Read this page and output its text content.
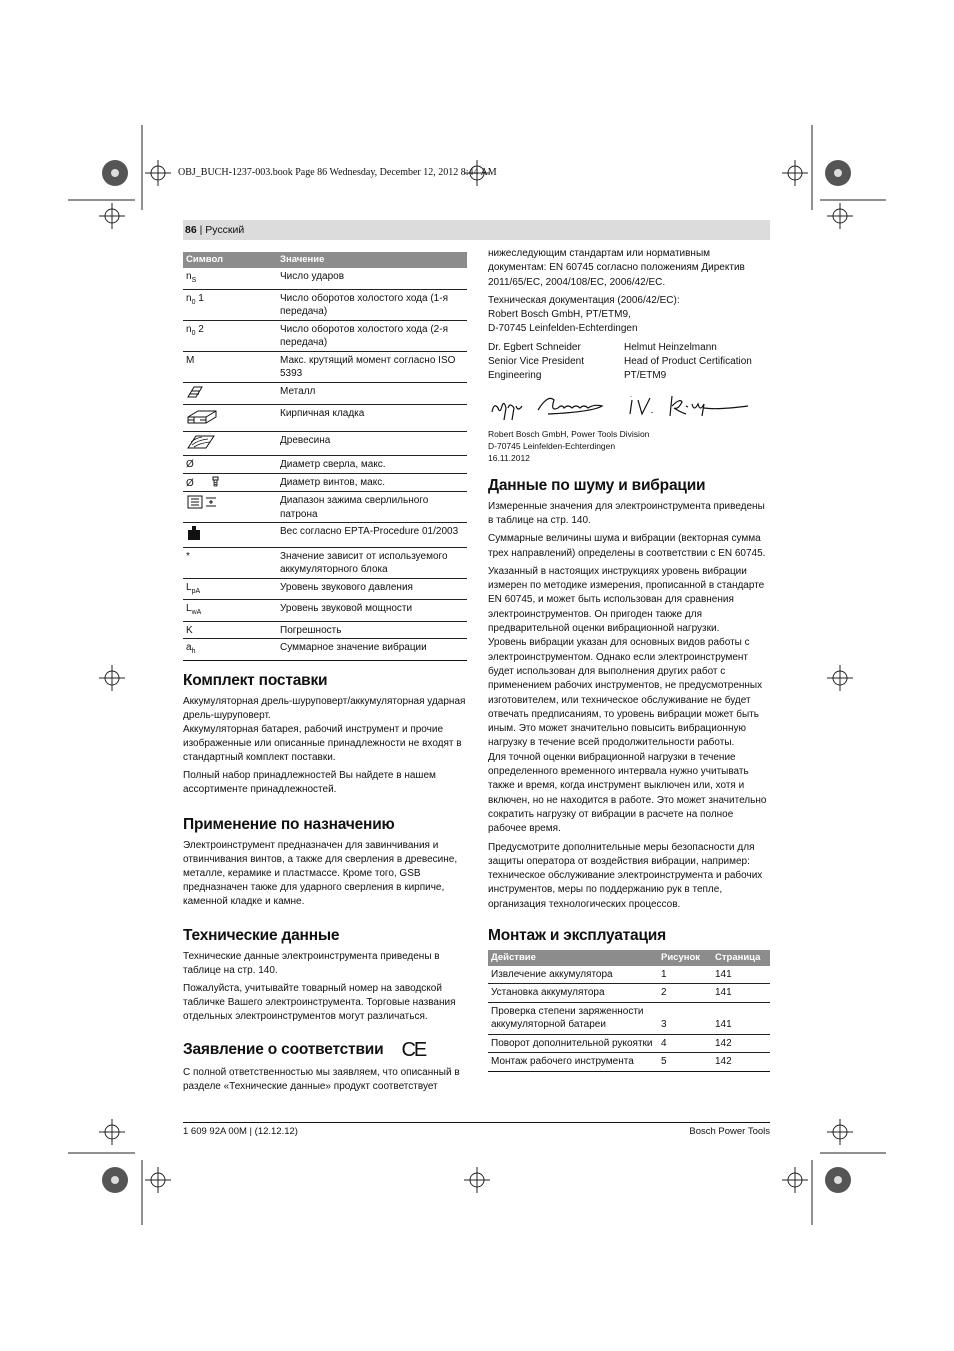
OBJ_BUCH-1237-003.book Page 86 Wednesday, December 12, 2012 8:44 AM
86 | Русский
Символ	Значение
$n_S$	Число ударов
$n_0$ 1	Число оборотов холостого хода (1-я передача)
$n_0$ 2	Число оборотов холостого хода (2-я передача)
M	Макс. крутящий момент согласно ISO 5393
	Металл
	Кирпичная кладка
	Древесина
Ø	Диаметр сверла, макс.
Ø	Диаметр винтов, макс.
	Диапазон зажима сверлильного патрона
	Вес согласно EPTA-Procedure 01/2003
*	Значение зависит от используемого аккумуляторного блока
$L_{pA}$	Уровень звукового давления
$L_{wA}$	Уровень звуковой мощности
K	Погрешность
$a_h$	Суммарное значение вибрации
Комплект поставки
Аккумуляторная дрель-шуруповерт/аккумуляторная ударная дрель-шуруповерт.

Аккумуляторная батарея, рабочий инструмент и прочие изображенные или описанные принадлежности не входят в стандартный комплект поставки.

Полный набор принадлежностей Вы найдете в нашем ассортименте принадлежностей.

Применение по назначению

Электроинструмент предназначен для завинчивания и отвинчивания винтов, а также для сверления в древесине, металле, керамике и пластмассе. Кроме того, GSB предназначен также для ударного сверления в кирпиче, каменной кладке и камне.

Технические данные

Технические данные электроинструмента приведены в таблице на стр. 140.

Пожалуйста, учитывайте товарный номер на заводской табличке Вашего электроинструмента. Торговые названия отдельных электроинструментов могут различаться.

Заявление о соответствии CE

С полной ответственностью мы заявляем, что описанный в разделе «Технические данные» продукт соответствует

нижеследующим стандартам или нормативным документам: EN 60745 согласно положениям Директив 2011/65/EC, 2004/108/EC, 2006/42/EC.

Техническая документация (2006/42/EC):
Robert Bosch GmbH, PT/ETM9,
D-70745 Leinfelden-Echterdingen
Dr. Egbert Schneider
Senior Vice President
Engineering
Helmut Heinzelmann
Head of Product Certification
PT/ETM9
Robert Bosch GmbH, Power Tools Division
D-70745 Leinfelden-Echterdingen
16.11.2012
Данные по шуму и вибрации

Измеренные значения для электроинструмента приведены в таблице на стр. 140.

Суммарные величины шума и вибрации (векторная сумма трех направлений) определены в соответствии с EN 60745.

Указанный в настоящих инструкциях уровень вибрации измерен по методике измерения, прописанной в стандарте EN 60745, и может быть использован для сравнения электроинструментов. Он пригоден также для предварительной оценки вибрационной нагрузки.
Уровень вибрации указан для основных видов работы с электроинструментом. Однако если электроинструмент будет использован для выполнения других работ с применением рабочих инструментов, не предусмотренных изготовителем, или техническое обслуживание не будет отвечать предписаниям, то уровень вибрации может быть иным. Это может значительно повысить вибрационную нагрузку в течение всей продолжительности работы.

Для точной оценки вибрационной нагрузки в течение определенного временного интервала нужно учитывать также и время, когда инструмент выключен или, хотя и включен, но не находится в работе. Это может значительно сократить нагрузку от вибрации в расчете на полное рабочее время.

Предусмотрите дополнительные меры безопасности для защиты оператора от воздействия вибрации, например: техническое обслуживание электроинструмента и рабочих инструментов, меры по поддержанию рук в тепле, организация технологических процессов.

Монтаж и эксплуатация
Действие	Рисунок	Страница
Извлечение аккумулятора	1	141
Установка аккумулятора	2	141
Проверка степени заряженности аккумуляторной батареи	3	141
Поворот дополнительной рукоятки	4	142
Монтаж рабочего инструмента	5	142
1 609 92A 00M | (12.12.12)	Bosch Power Tools
